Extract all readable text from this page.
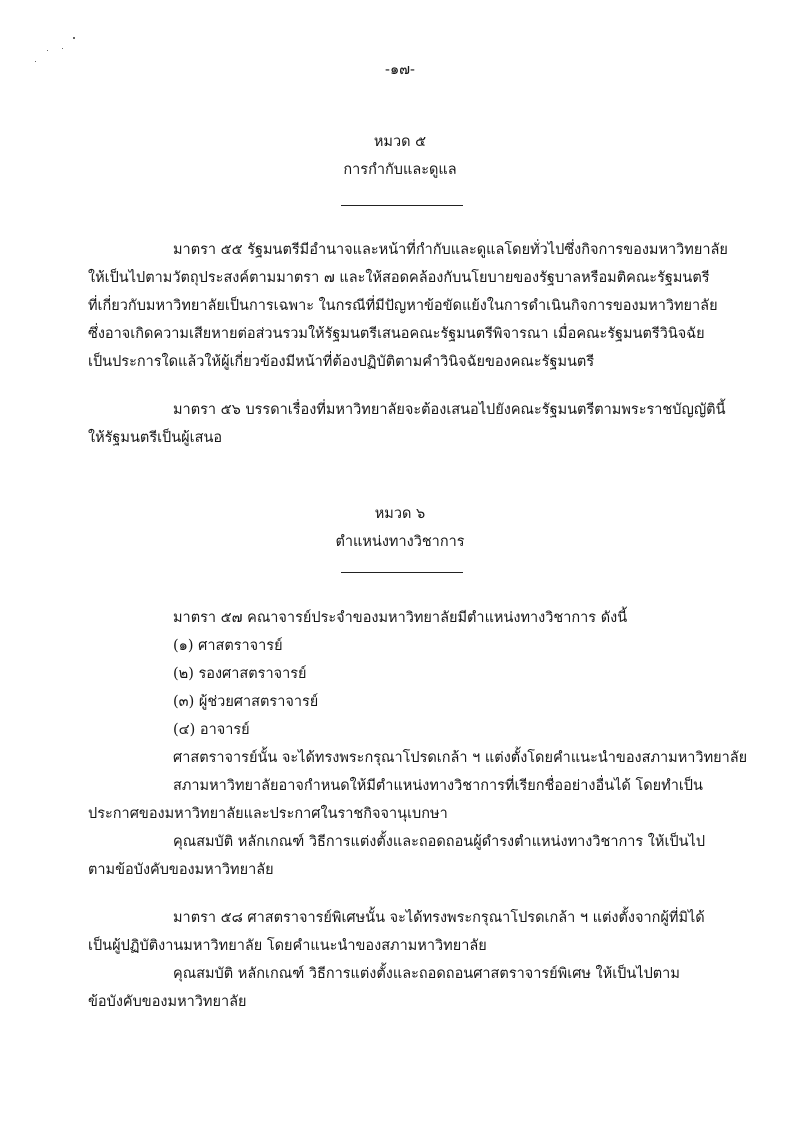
-๑๗-
หมวด ๕
การกำกับและดูแล
มาตรา ๕๕ รัฐมนตรีมีอำนาจและหน้าที่กำกับและดูแลโดยทั่วไปซึ่งกิจการของมหาวิทยาลัย
ให้เป็นไปตามวัตถุประสงค์ตามมาตรา ๗ และให้สอดคล้องกับนโยบายของรัฐบาลหรือมติคณะรัฐมนตรี
ที่เกี่ยวกับมหาวิทยาลัยเป็นการเฉพาะ ในกรณีที่มีปัญหาข้อขัดแย้งในการดำเนินกิจการของมหาวิทยาลัย
ซึ่งอาจเกิดความเสียหายต่อส่วนรวมให้รัฐมนตรีเสนอคณะรัฐมนตรีพิจารณา เมื่อคณะรัฐมนตรีวินิจฉัย
เป็นประการใดแล้วให้ผู้เกี่ยวข้องมีหน้าที่ต้องปฏิบัติตามคำวินิจฉัยของคณะรัฐมนตรี
มาตรา ๕๖ บรรดาเรื่องที่มหาวิทยาลัยจะต้องเสนอไปยังคณะรัฐมนตรีตามพระราชบัญญัตินี้
ให้รัฐมนตรีเป็นผู้เสนอ
หมวด ๖
ตำแหน่งทางวิชาการ
มาตรา ๕๗ คณาจารย์ประจำของมหาวิทยาลัยมีตำแหน่งทางวิชาการ ดังนี้
(๑) ศาสตราจารย์
(๒) รองศาสตราจารย์
(๓) ผู้ช่วยศาสตราจารย์
(๔) อาจารย์
ศาสตราจารย์นั้น จะได้ทรงพระกรุณาโปรดเกล้า ฯ แต่งตั้งโดยคำแนะนำของสภามหาวิทยาลัย
สภามหาวิทยาลัยอาจกำหนดให้มีตำแหน่งทางวิชาการที่เรียกชื่ออย่างอื่นได้ โดยทำเป็น
ประกาศของมหาวิทยาลัยและประกาศในราชกิจจานุเบกษา
คุณสมบัติ หลักเกณฑ์ วิธีการแต่งตั้งและถอดถอนผู้ดำรงตำแหน่งทางวิชาการ ให้เป็นไป
ตามข้อบังคับของมหาวิทยาลัย
มาตรา ๕๘ ศาสตราจารย์พิเศษนั้น จะได้ทรงพระกรุณาโปรดเกล้า ฯ แต่งตั้งจากผู้ที่มิได้
เป็นผู้ปฏิบัติงานมหาวิทยาลัย โดยคำแนะนำของสภามหาวิทยาลัย
คุณสมบัติ หลักเกณฑ์ วิธีการแต่งตั้งและถอดถอนศาสตราจารย์พิเศษ ให้เป็นไปตาม
ข้อบังคับของมหาวิทยาลัย
